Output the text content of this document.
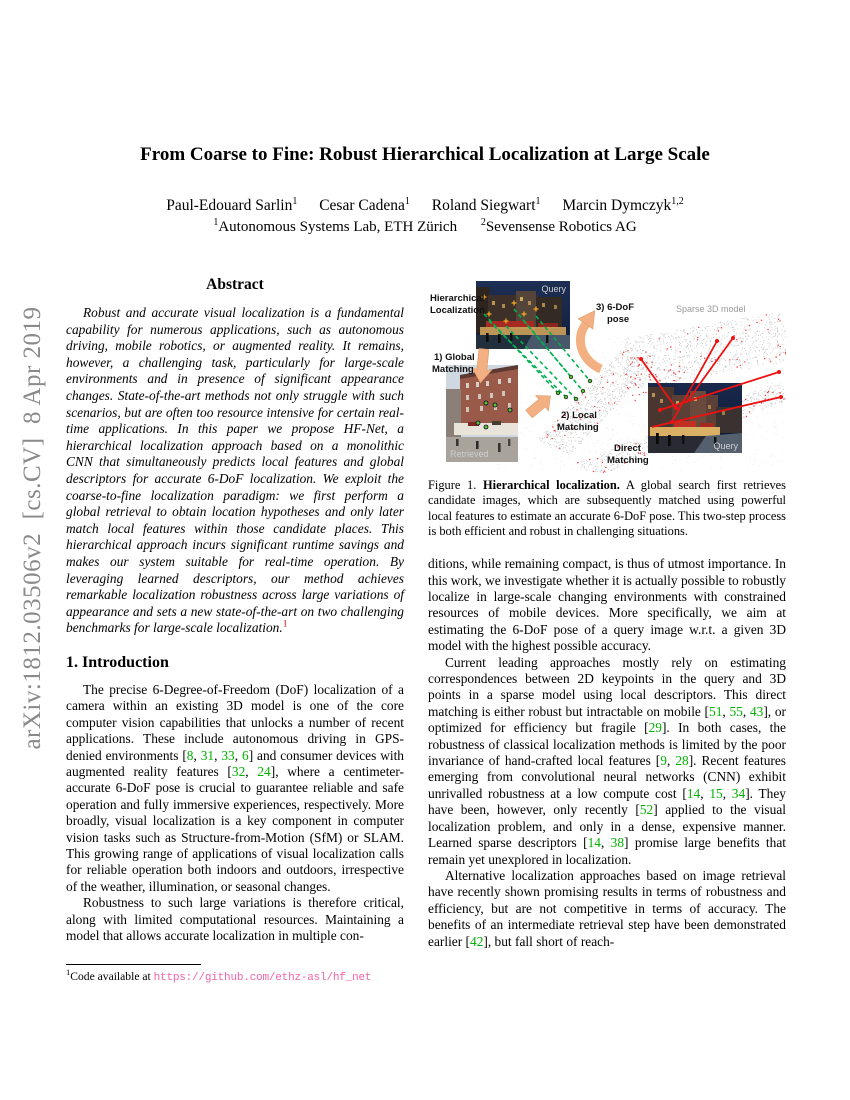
arXiv:1812.03506v2  [cs.CV]  8 Apr 2019
From Coarse to Fine: Robust Hierarchical Localization at Large Scale
Paul-Edouard Sarlin$^1$ Cesar Cadena$^1$ Roland Siegwart$^1$ Marcin Dymczyk$^{1,2}$
$^1$Autonomous Systems Lab, ETH Zürich $^2$Sevensense Robotics AG
Abstract

Robust and accurate visual localization is a fundamental capability for numerous applications, such as autonomous driving, mobile robotics, or augmented reality. It remains, however, a challenging task, particularly for large-scale environments and in presence of significant appearance changes. State-of-the-art methods not only struggle with such scenarios, but are often too resource intensive for certain real-time applications. In this paper we propose HF-Net, a hierarchical localization approach based on a monolithic CNN that simultaneously predicts local features and global descriptors for accurate 6-DoF localization. We exploit the coarse-to-fine localization paradigm: we first perform a global retrieval to obtain location hypotheses and only later match local features within those candidate places. This hierarchical approach incurs significant runtime savings and makes our system suitable for real-time operation. By leveraging learned descriptors, our method achieves remarkable localization robustness across large variations of appearance and sets a new state-of-the-art on two challenging benchmarks for large-scale localization.$^1$

1. Introduction

The precise 6-Degree-of-Freedom (DoF) localization of a camera within an existing 3D model is one of the core computer vision capabilities that unlocks a number of recent applications. These include autonomous driving in GPS-denied environments [8, 31, 33, 6] and consumer devices with augmented reality features [32, 24], where a centimeter-accurate 6-DoF pose is crucial to guarantee reliable and safe operation and fully immersive experiences, respectively. More broadly, visual localization is a key component in computer vision tasks such as Structure-from-Motion (SfM) or SLAM. This growing range of applications of visual localization calls for reliable operation both indoors and outdoors, irrespective of the weather, illumination, or seasonal changes.

Robustness to such large variations is therefore critical, along with limited computational resources. Maintaining a model that allows accurate localization in multiple con-

Retrieved
Query
Query
Hierarchical
Localization
1) Global
Matching
2) Local
Matching
3) 6-DoF
pose
Sparse 3D model
Direct
Matching

Figure 1. Hierarchical localization. A global search first retrieves candidate images, which are subsequently matched using powerful local features to estimate an accurate 6-DoF pose. This two-step process is both efficient and robust in challenging situations.

ditions, while remaining compact, is thus of utmost importance. In this work, we investigate whether it is actually possible to robustly localize in large-scale changing environments with constrained resources of mobile devices. More specifically, we aim at estimating the 6-DoF pose of a query image w.r.t. a given 3D model with the highest possible accuracy.

Current leading approaches mostly rely on estimating correspondences between 2D keypoints in the query and 3D points in a sparse model using local descriptors. This direct matching is either robust but intractable on mobile [51, 55, 43], or optimized for efficiency but fragile [29]. In both cases, the robustness of classical localization methods is limited by the poor invariance of hand-crafted local features [9, 28]. Recent features emerging from convolutional neural networks (CNN) exhibit unrivalled robustness at a low compute cost [14, 15, 34]. They have been, however, only recently [52] applied to the visual localization problem, and only in a dense, expensive manner. Learned sparse descriptors [14, 38] promise large benefits that remain yet unexplored in localization.

Alternative localization approaches based on image retrieval have recently shown promising results in terms of robustness and efficiency, but are not competitive in terms of accuracy. The benefits of an intermediate retrieval step have been demonstrated earlier [42], but fall short of reach-

$^1$Code available at https://github.com/ethz-asl/hf_net
